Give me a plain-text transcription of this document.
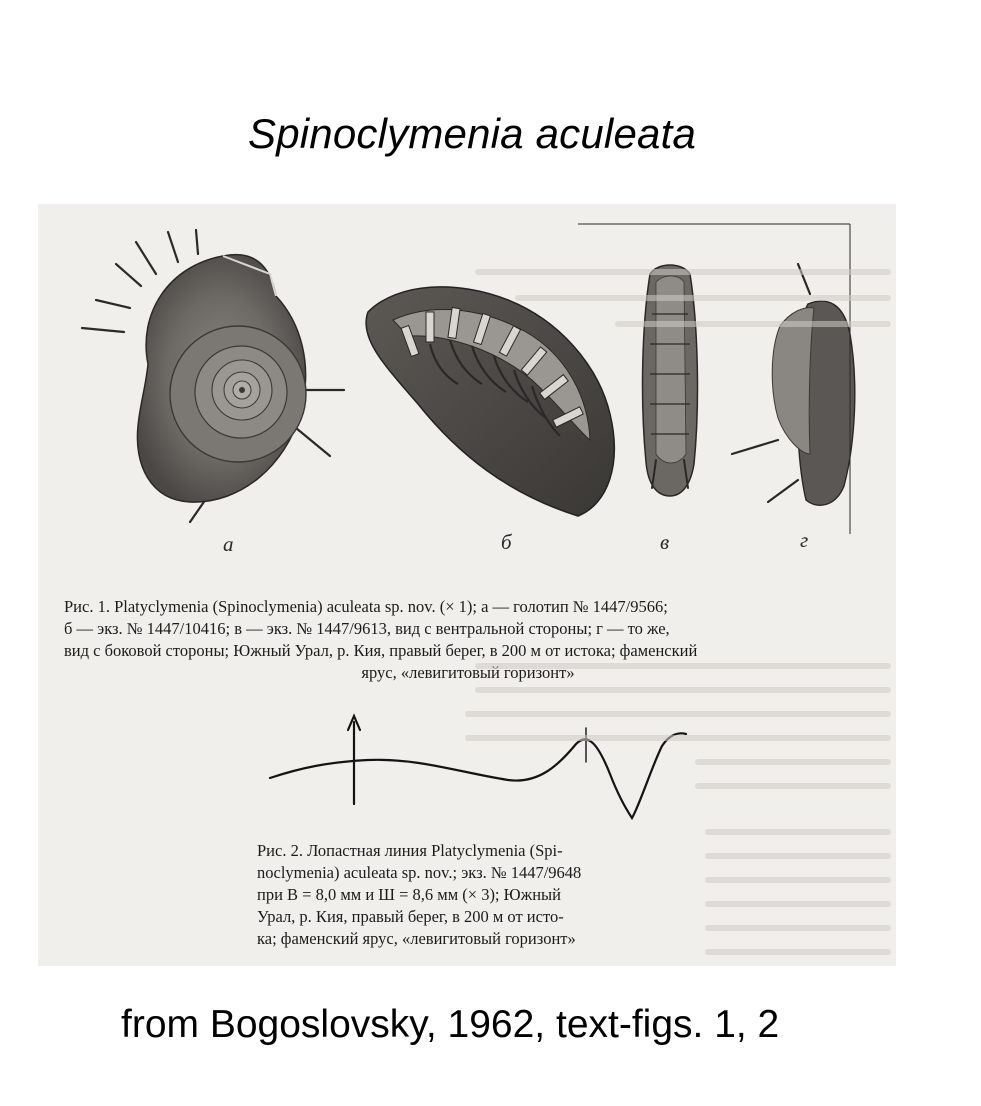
Spinoclymenia aculeata

а	б	в	г
Рис. 1. Platyclymenia (Spinoclymenia) aculeata sp. nov. (× 1); а — голотип № 1447/9566;
б — экз. № 1447/10416; в — экз. № 1447/9613, вид с вентральной стороны; г — то же,
вид с боковой стороны; Южный Урал, р. Кия, правый берег, в 200 м от истока; фаменский
ярус, «левигитовый горизонт»
Рис. 2. Лопастная линия Platyclymenia (Spi-
noclymenia) aculeata sp. nov.; экз. № 1447/9648
при В = 8,0 мм и Ш = 8,6 мм (× 3); Южный
Урал, р. Кия, правый берег, в 200 м от исто-
ка; фаменский ярус, «левигитовый горизонт»
from Bogoslovsky, 1962, text-figs. 1, 2
